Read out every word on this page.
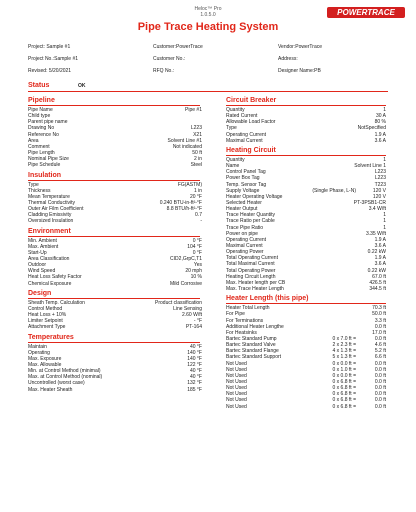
Heloc™ Pro
1.0.5.0	POWERTRACE
Pipe Trace Heating System
Project: Sample #1
Project No.:Sample #1
Revised: 5/20/2021
Customer:PowerTrace
Customer No.:
RFQ No.:
Vendor:PowerTrace
Address:
Designer Name:PB
Status	OK
Pipeline
Pipe Name	Pipe #1
Child type
Parent pipe name
Drawing No	L223
Reference No	X21
Area	Solvent Line #1
Comment	Not indicated
Pipe Length	50 ft
Nominal Pipe Size	2 in
Pipe Schedule	Steel
Insulation
Type	FG(ASTM)
Thickness	1 in
Mean Temperature	20 °F
Thermal Conductivity	0.240 BTU-in-ft²-°F
Outer Air Film Coefficient	8.8 BTU/h-ft²-°F
Cladding Emissivity	0.7
Oversized Insulation	-
Environment
Min. Ambient	0 °F
Max. Ambient	104 °F
Start-Up	0 °F
Area Classification	CID2,GrpC,T1
Outdoor	Yes
Wind Speed	20 mph
Heat Loss Safety Factor	10 %
Chemical Exposure	Mild Corrosive
Design
Sheath Temp. Calculation	Product classification
Control Method	Line Sensing
Heat Loss + 10%	2.60 W/ft
Limiter Setpoint	- °F
Attachment Type	PT-164
Temperatures
Maintain	40 °F
Operating	140 °F
Max. Exposure	140 °F
Max. Allowable	122 °F
Min. at Control Method (minimal)	40 °F
Max. at Control Method (nominal)	40 °F
Uncontrolled (worst case)	132 °F
Max. Heater Sheath	185 °F
Circuit Breaker
Quantity	1
Rated Current	30 A
Allowable Load Factor	80 %
Type	NotSpecified
Operating Current	1.9 A
Maximal Current	3.6 A
Heating Circuit
Quantity	1
Name	Solvent Line 1
Control Panel Tag	L223
Power Box Tag	L223
Temp. Sensor Tag	T223
Supply Voltage	(Single Phase, L-N)	120 V
Heater Operating Voltage	120 V
Selected Heater	PT-3PSB1-CR
Heater Output	3.4 W/ft
Trace Heater Quantity	1
Trace Ratio per Cable	1
Trace Pipe Ratio	1
Power on pipe	3.35 W/ft
Operating Current	1.9 A
Maximal Current	3.6 A
Operating Power	0.22 kW
Total Operating Current	1.9 A
Total Maximal Current	3.6 A
Total Operating Power	0.22 kW
Heating Circuit Length	67.0 ft
Max. Heater length per CB	426.5 ft
Max. Trace Heater Length	344.5 ft
Heater Length (this pipe)
Heater Total Length	70.3 ft
For Pipe	50.0 ft
For Terminations	3.3 ft
Additional Heater Lengthe	0.0 ft
For Heatsinks	17.0 ft
Bartec Standard Pump	0 x 7.0 ft =	0.0 ft
Bartec Standard Valve	2 x 2.3 ft =	4.6 ft
Bartec Standard Flange	4 x 1.3 ft =	5.2 ft
Bartec Standard Support	5 x 1.3 ft =	6.6 ft
Not Used	0 x 0.0 ft =	0.0 ft
Not Used	0 x 1.0 ft =	0.0 ft
Not Used	0 x 0.0 ft =	0.0 ft
Not Used	0 x 6.8 ft =	0.0 ft
Not Used	0 x 6.8 ft =	0.0 ft
Not Used	0 x 6.8 ft =	0.0 ft
Not Used	0 x 6.8 ft =	0.0 ft
Not Used	0 x 6.8 ft =	0.0 ft
